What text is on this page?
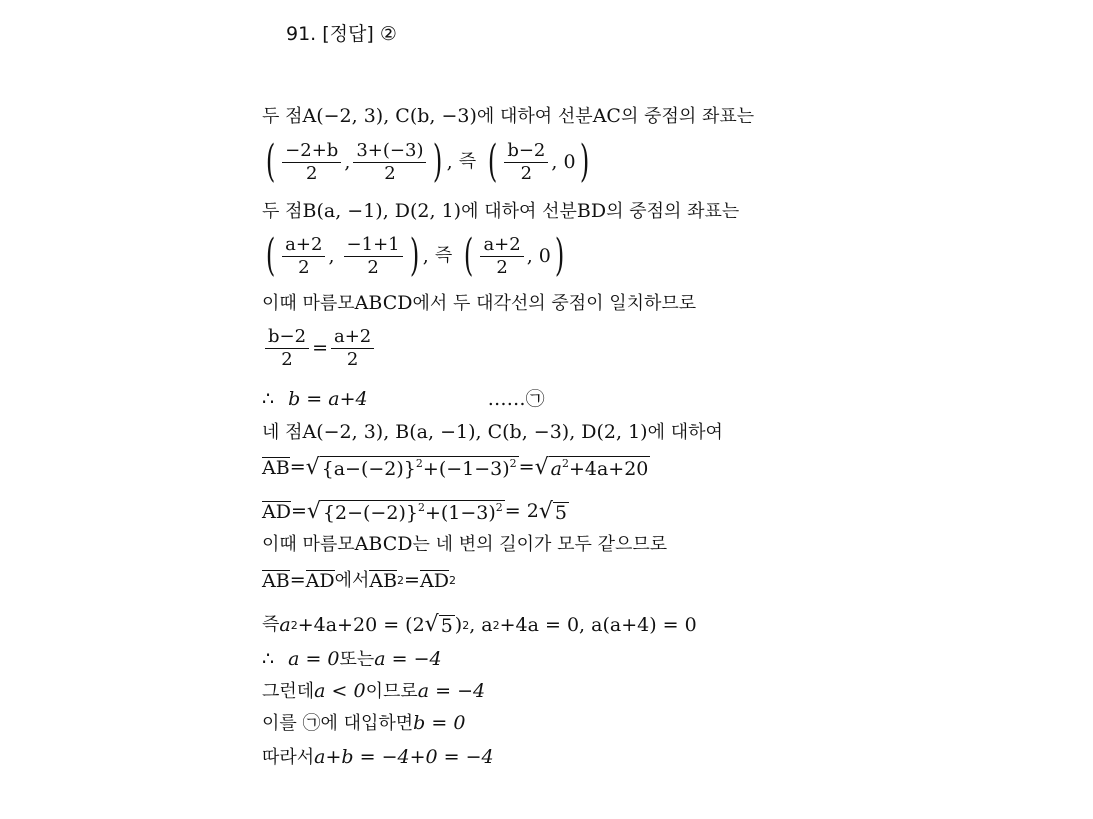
91. [정답] ②
두 점 A(−2, 3), C(b, −3) 에 대하여 선분 AC 의 중점의 좌표는
( $\frac{-2+b}{2}$ , $\frac{3+(-3)}{2}$ ) , 즉 ( $\frac{b-2}{2}$ , 0 )
두 점 B(a, −1), D(2, 1) 에 대하여 선분 BD 의 중점의 좌표는
( $\frac{a+2}{2}$ , $\frac{-1+1}{2}$ ) , 즉 ( $\frac{a+2}{2}$ , 0 )
이때 마름모 ABCD 에서 두 대각선의 중점이 일치하므로
$\frac{b-2}{2} = \frac{a+2}{2}$
∴ b = a+4	……㉠
네 점 A(−2, 3), B(a, −1), C(b, −3), D(2, 1) 에 대하여
AB = √ $\{a-(-2)\}^2+(-1-3)^2$ = √ $a^2+4a+20$
AD = √ $\{2-(-2)\}^2+(1-3)^2 = 2$ √ 5
이때 마름모 ABCD 는 네 변의 길이가 모두 같으므로
AB = AD 에서 AB 2 = AD 2
즉 a 2 +4a+20 = (2 √ 5 ) 2 , a 2 +4a = 0, a(a+4) = 0
∴ a = 0 또는 a = −4
그런데 a < 0 이므로 a = −4
이를 ㉠에 대입하면 b = 0
따라서 a+b = −4+0 = −4
